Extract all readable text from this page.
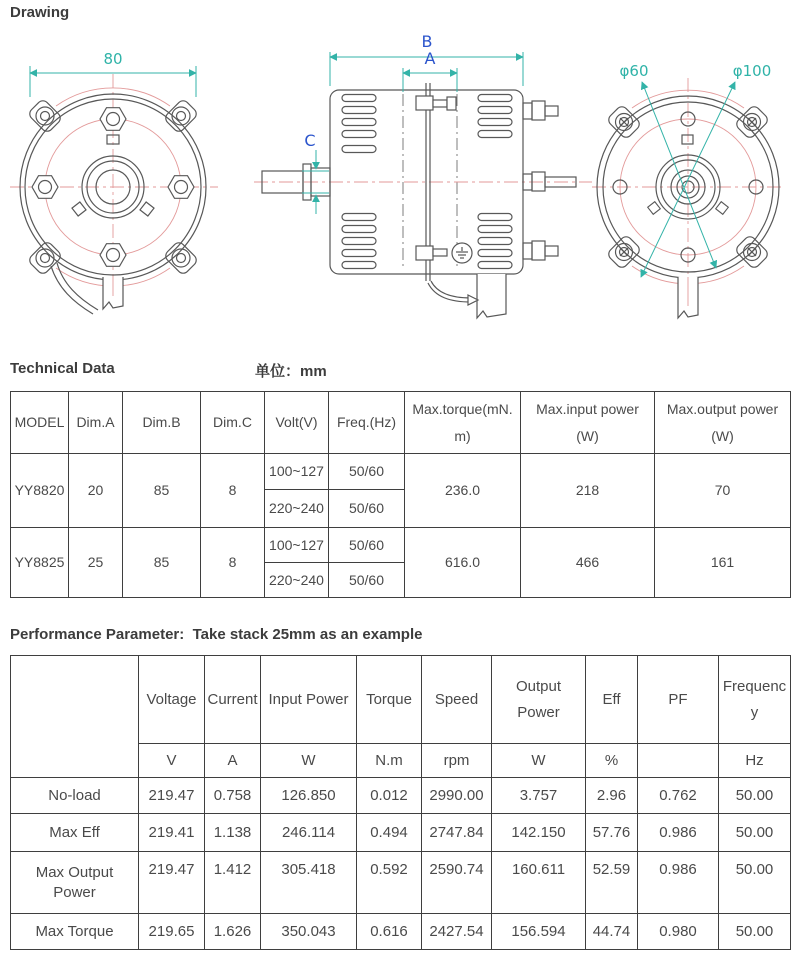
Drawing
80
B
A
C
φ60	φ100
Technical Data	单位：mm
MODEL	Dim.A	Dim.B	Dim.C	Volt(V)	Freq.(Hz)	Max.torque(mN.m)	Max.input power (W)	Max.output power (W)
YY8820	20	85	8	100~127	50/60	236.0	218	70
				220~240	50/60			
YY8825	25	85	8	100~127	50/60	616.0	466	161
				220~240	50/60			
Performance Parameter:  Take stack 25mm as an example
	Voltage	Current	Input Power	Torque	Speed	Output Power	Eff	PF	Frequency
	V	A	W	N.m	rpm	W	%		Hz
No-load	219.47	0.758	126.850	0.012	2990.00	3.757	2.96	0.762	50.00
Max Eff	219.41	1.138	246.114	0.494	2747.84	142.150	57.76	0.986	50.00
Max Output Power	219.47	1.412	305.418	0.592	2590.74	160.611	52.59	0.986	50.00
Max Torque	219.65	1.626	350.043	0.616	2427.54	156.594	44.74	0.980	50.00
